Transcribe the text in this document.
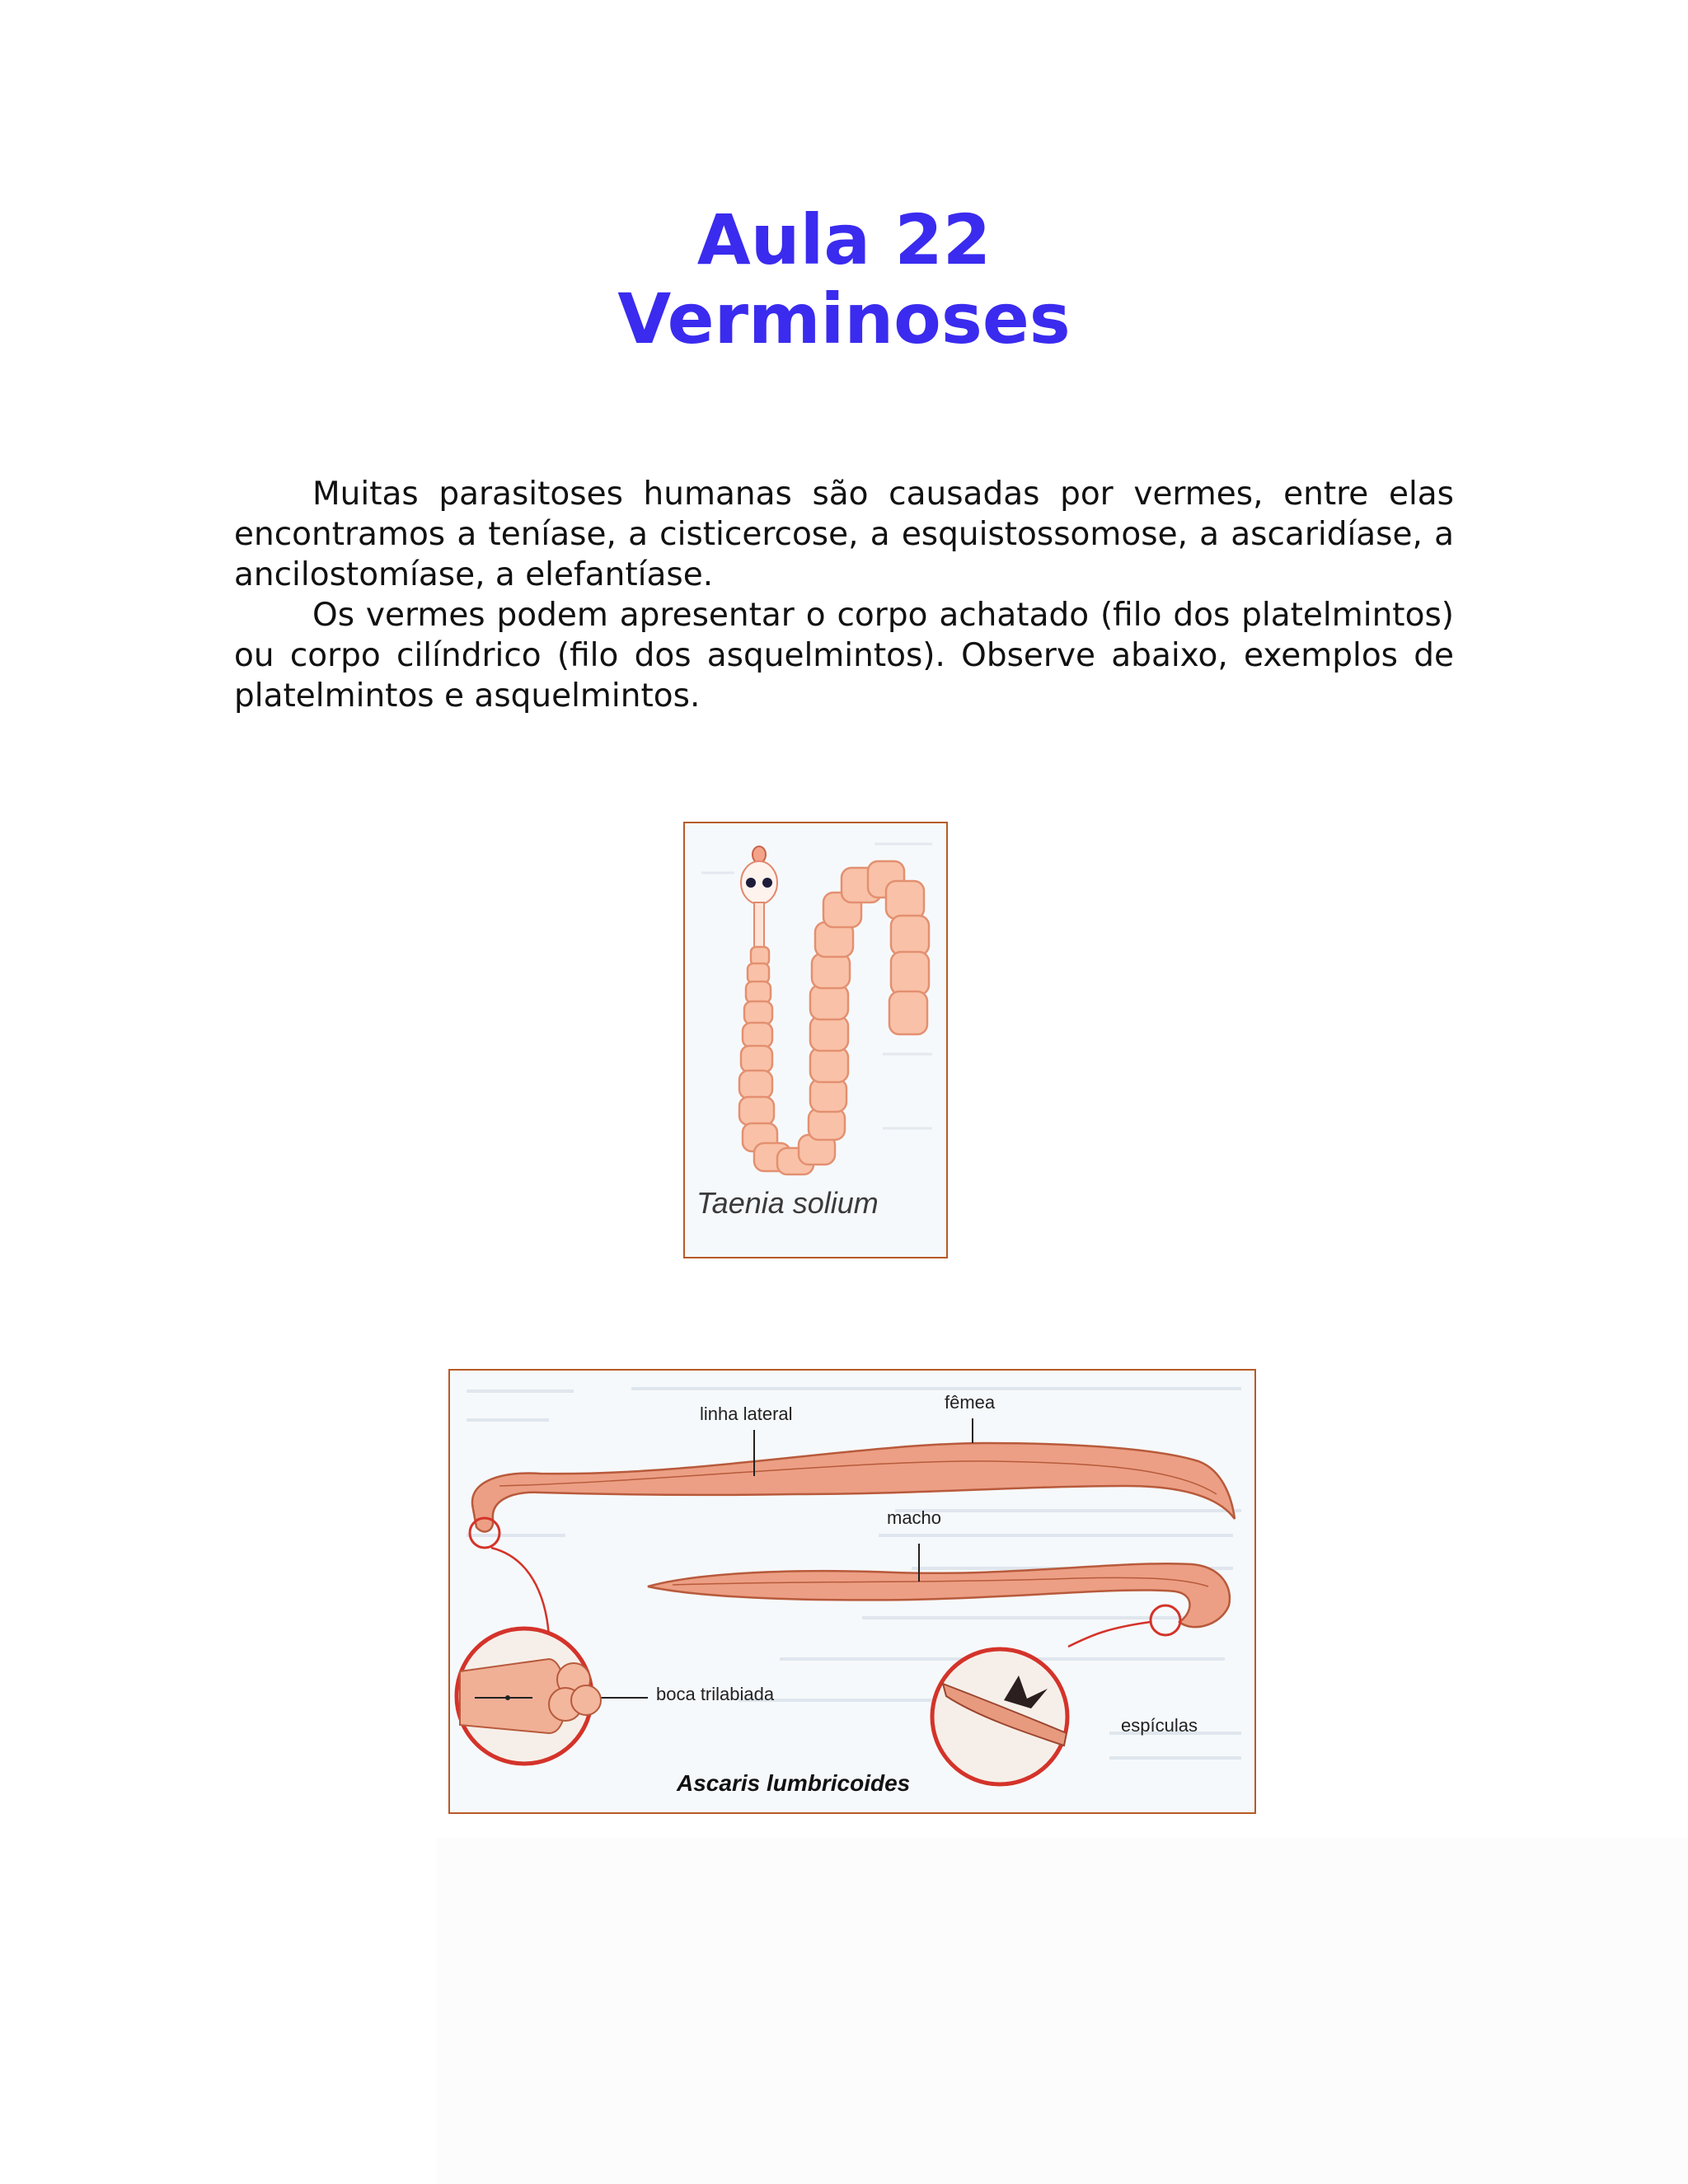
Aula 22
Verminoses

Muitas parasitoses humanas são causadas por vermes, entre elas encontramos a teníase, a cisticercose, a esquistossomose, a ascaridíase, a ancilostomíase, a elefantíase.

Os vermes podem apresentar o corpo achatado (filo dos platelmintos) ou corpo cilíndrico (filo dos asquelmintos). Observe abaixo, exemplos de platelmintos e asquelmintos.

Taenia solium
linha lateral
fêmea
macho
boca trilabiada
espículas
Ascaris lumbricoides
